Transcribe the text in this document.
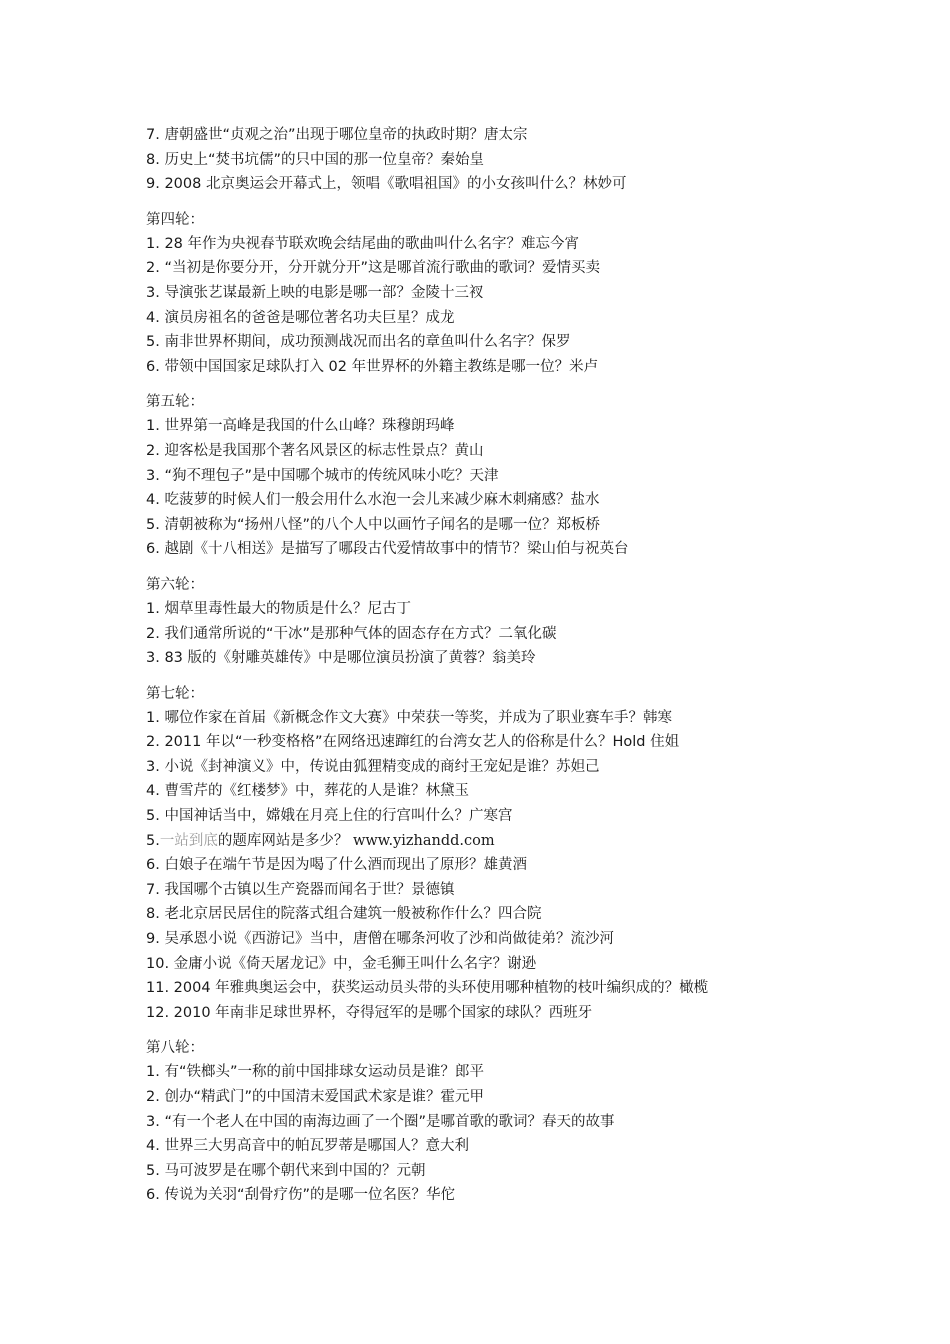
7. 唐朝盛世“贞观之治”出现于哪位皇帝的执政时期？唐太宗
8. 历史上“焚书坑儒”的只中国的那一位皇帝？秦始皇
9. 2008 北京奥运会开幕式上，领唱《歌唱祖国》的小女孩叫什么？林妙可
第四轮：
1. 28 年作为央视春节联欢晚会结尾曲的歌曲叫什么名字？难忘今宵
2. “当初是你要分开，分开就分开”这是哪首流行歌曲的歌词？爱情买卖
3. 导演张艺谋最新上映的电影是哪一部？金陵十三衩
4. 演员房祖名的爸爸是哪位著名功夫巨星？成龙
5. 南非世界杯期间，成功预测战况而出名的章鱼叫什么名字？保罗
6. 带领中国国家足球队打入 02 年世界杯的外籍主教练是哪一位？米卢
第五轮：
1. 世界第一高峰是我国的什么山峰？珠穆朗玛峰
2. 迎客松是我国那个著名风景区的标志性景点？黄山
3. “狗不理包子”是中国哪个城市的传统风味小吃？天津
4. 吃菠萝的时候人们一般会用什么水泡一会儿来减少麻木刺痛感？盐水
5. 清朝被称为“扬州八怪”的八个人中以画竹子闻名的是哪一位？郑板桥
6. 越剧《十八相送》是描写了哪段古代爱情故事中的情节？梁山伯与祝英台
第六轮：
1. 烟草里毒性最大的物质是什么？尼古丁
2. 我们通常所说的“干冰”是那种气体的固态存在方式？二氧化碳
3. 83 版的《射雕英雄传》中是哪位演员扮演了黄蓉？翁美玲
第七轮：
1. 哪位作家在首届《新概念作文大赛》中荣获一等奖，并成为了职业赛车手？韩寒
2. 2011 年以“一秒变格格”在网络迅速蹿红的台湾女艺人的俗称是什么？Hold 住姐
3. 小说《封神演义》中，传说由狐狸精变成的商纣王宠妃是谁？苏妲己
4. 曹雪芹的《红楼梦》中，葬花的人是谁？林黛玉
5. 中国神话当中，嫦娥在月亮上住的行宫叫什么？广寒宫
5.一站到底的题库网站是多少？ www.yizhandd.com
6. 白娘子在端午节是因为喝了什么酒而现出了原形？雄黄酒
7. 我国哪个古镇以生产瓷器而闻名于世？景德镇
8. 老北京居民居住的院落式组合建筑一般被称作什么？四合院
9. 吴承恩小说《西游记》当中，唐僧在哪条河收了沙和尚做徒弟？流沙河
10. 金庸小说《倚天屠龙记》中，金毛狮王叫什么名字？谢逊
11. 2004 年雅典奥运会中，获奖运动员头带的头环使用哪种植物的枝叶编织成的？橄榄
12. 2010 年南非足球世界杯，夺得冠军的是哪个国家的球队？西班牙
第八轮：
1. 有“铁榔头”一称的前中国排球女运动员是谁？郎平
2. 创办“精武门”的中国清末爱国武术家是谁？霍元甲
3. “有一个老人在中国的南海边画了一个圈”是哪首歌的歌词？春天的故事
4. 世界三大男高音中的帕瓦罗蒂是哪国人？意大利
5. 马可波罗是在哪个朝代来到中国的？元朝
6. 传说为关羽“刮骨疗伤”的是哪一位名医？华佗
